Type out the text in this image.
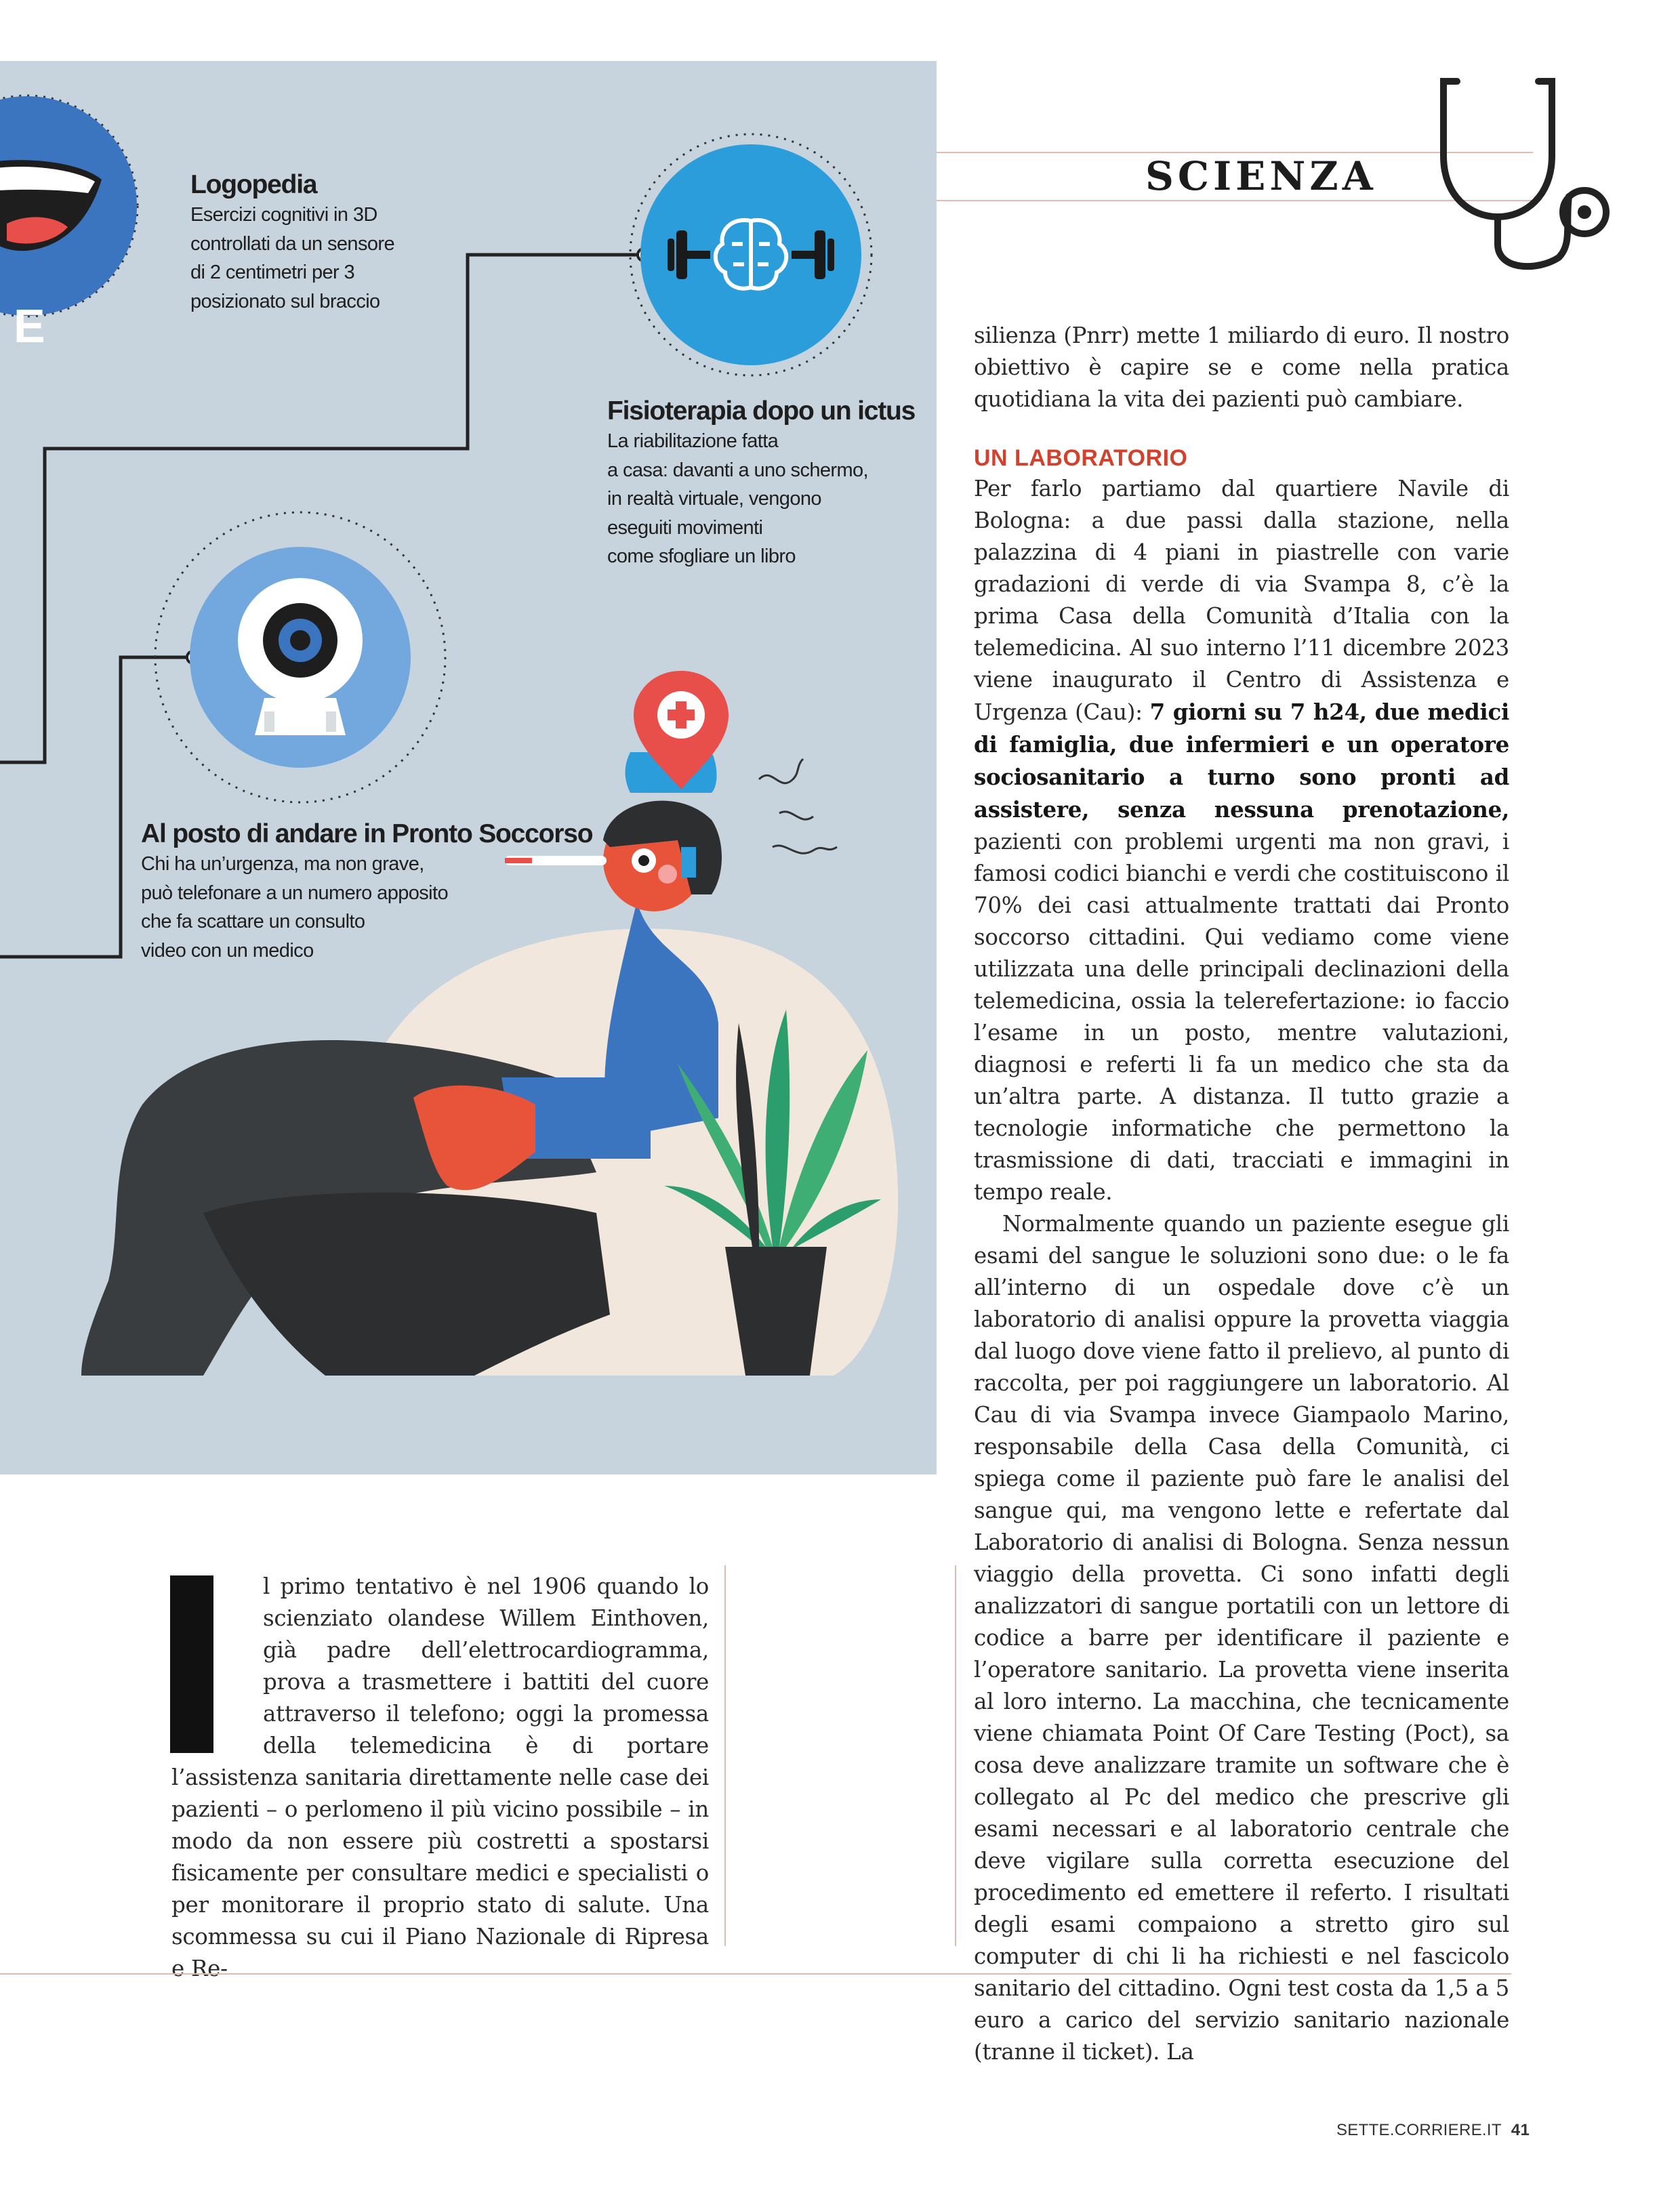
E
Logopedia
Esercizi cognitivi in 3D
controllati da un sensore
di 2 centimetri per 3
posizionato sul braccio
Fisioterapia dopo un ictus
La riabilitazione fatta
a casa: davanti a uno schermo,
in realtà virtuale, vengono
eseguiti movimenti
come sfogliare un libro
Al posto di andare in Pronto Soccorso
Chi ha un’urgenza, ma non grave,
può telefonare a un numero apposito
che fa scattare un consulto
video con un medico
SCIENZA

l primo tentativo è nel 1906 quando lo scienziato olandese Willem Einthoven, già padre dell’elettrocardiogramma, prova a trasmettere i battiti del cuore attraverso il telefono; oggi la promessa della telemedicina è di portare l’assistenza sanitaria direttamente nelle case dei pazienti – o perlomeno il più vicino possibile – in modo da non essere più costretti a spostarsi fisicamente per consultare medici e specialisti o per monitorare il proprio stato di salute. Una scommessa su cui il Piano Nazionale di Ripresa e Re-

silienza (Pnrr) mette 1 miliardo di euro. Il nostro obiettivo è capire se e come nella pratica quotidiana la vita dei pazienti può cambiare.

UN LABORATORIO

Per farlo partiamo dal quartiere Navile di Bologna: a due passi dalla stazione, nella palazzina di 4 piani in piastrelle con varie gradazioni di verde di via Svampa 8, c’è la prima Casa della Comunità d’Italia con la telemedicina. Al suo interno l’11 dicembre 2023 viene inaugurato il Centro di Assistenza e Urgenza (Cau): 7 giorni su 7 h24, due medici di famiglia, due infermieri e un operatore sociosanitario a turno sono pronti ad assistere, senza nessuna prenotazione, pazienti con problemi urgenti ma non gravi, i famosi codici bianchi e verdi che costituiscono il 70% dei casi attualmente trattati dai Pronto soccorso cittadini. Qui vediamo come viene utilizzata una delle principali declinazioni della telemedicina, ossia la telerefertazione: io faccio l’esame in un posto, mentre valutazioni, diagnosi e referti li fa un medico che sta da un’altra parte. A distanza. Il tutto grazie a tecnologie informatiche che permettono la trasmissione di dati, tracciati e immagini in tempo reale.

Normalmente quando un paziente esegue gli esami del sangue le soluzioni sono due: o le fa all’interno di un ospedale dove c’è un laboratorio di analisi oppure la provetta viaggia dal luogo dove viene fatto il prelievo, al punto di raccolta, per poi raggiungere un laboratorio. Al Cau di via Svampa invece Giampaolo Marino, responsabile della Casa della Comunità, ci spiega come il paziente può fare le analisi del sangue qui, ma vengono lette e refertate dal Laboratorio di analisi di Bologna. Senza nessun viaggio della provetta. Ci sono infatti degli analizzatori di sangue portatili con un lettore di codice a barre per identificare il paziente e l’operatore sanitario. La provetta viene inserita al loro interno. La macchina, che tecnicamente viene chiamata Point Of Care Testing (Poct), sa cosa deve analizzare tramite un software che è collegato al Pc del medico che prescrive gli esami necessari e al laboratorio centrale che deve vigilare sulla corretta esecuzione del procedimento ed emettere il referto. I risultati degli esami compaiono a stretto giro sul computer di chi li ha richiesti e nel fascicolo sanitario del cittadino. Ogni test costa da 1,5 a 5 euro a carico del servizio sanitario nazionale (tranne il ticket). La

SETTE.CORRIERE.IT 41
